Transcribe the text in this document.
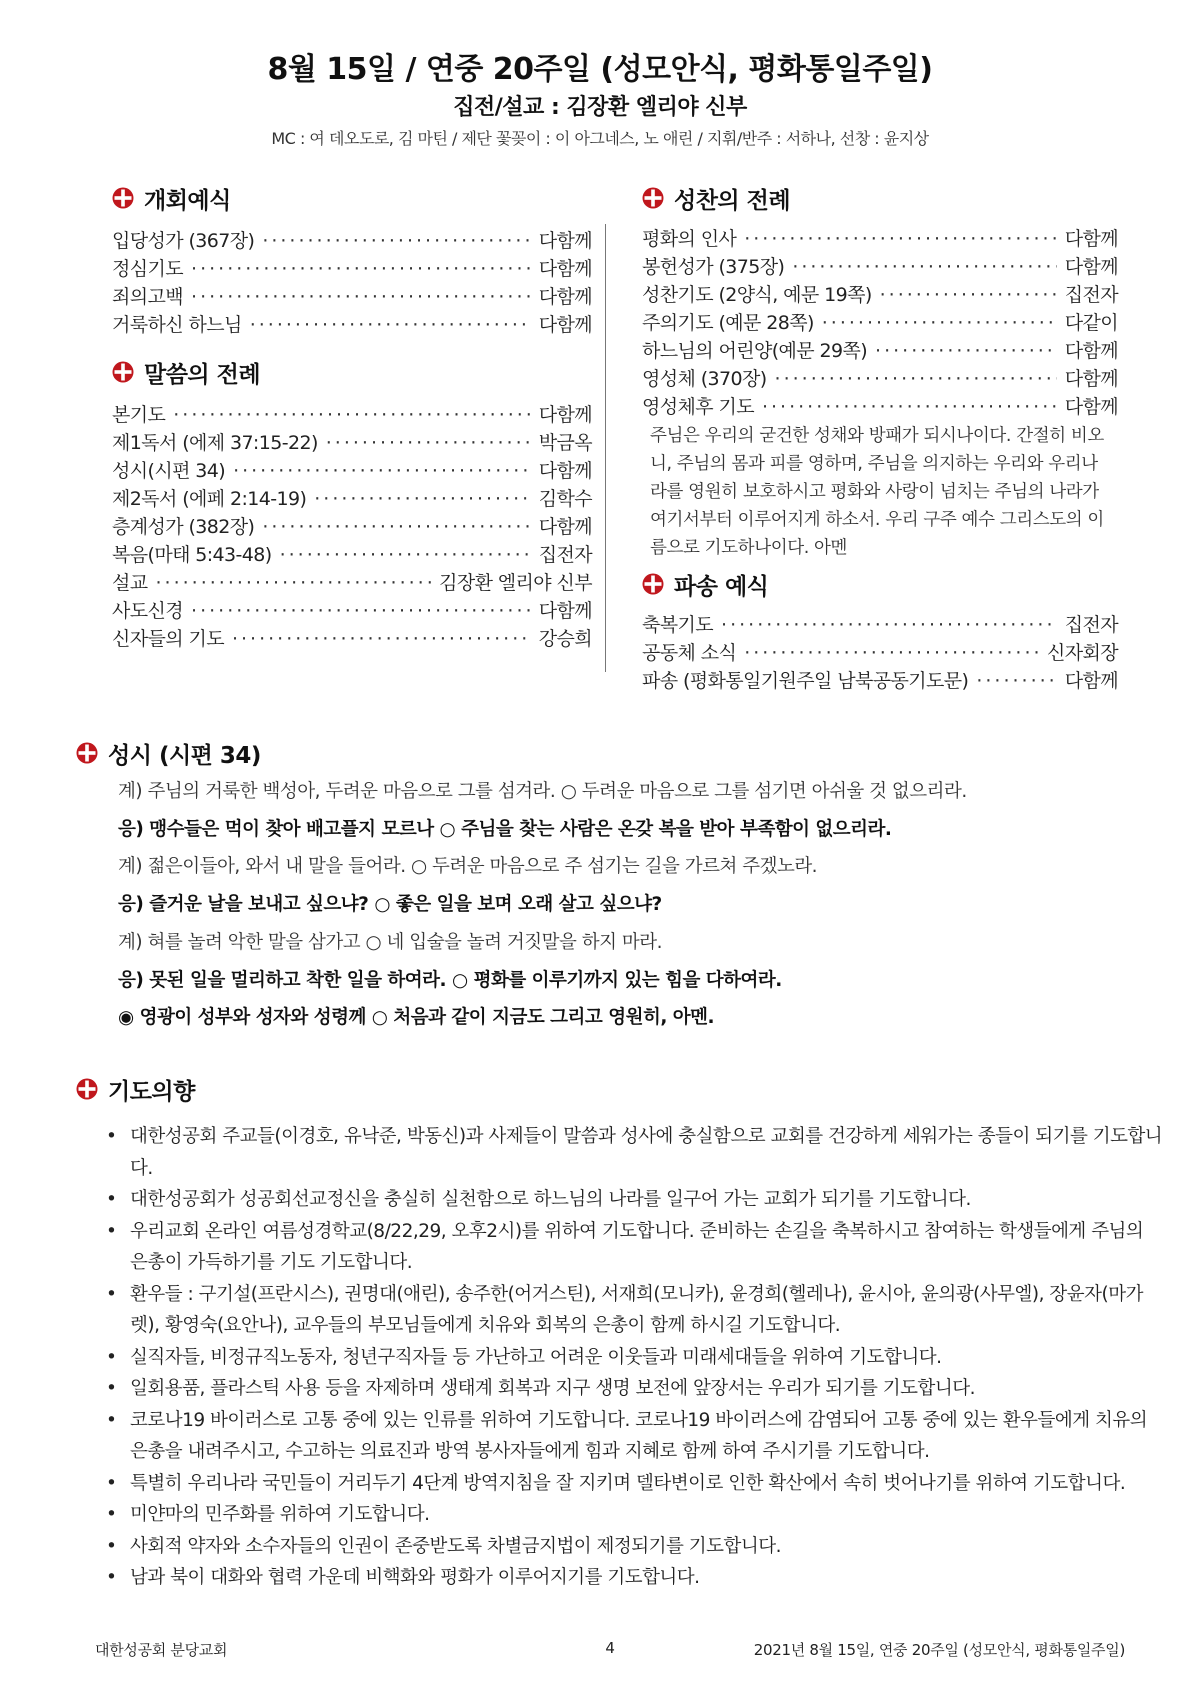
8월 15일 / 연중 20주일 (성모안식, 평화통일주일)
집전/설교 : 김장환 엘리야 신부
MC : 여 데오도로, 김 마틴 / 제단 꽃꽂이 : 이 아그네스, 노 애린 / 지휘/반주 : 서하나, 선창 : 윤지상
개회예식
입당성가 (367장) ·····	다함께
정심기도 ·····	다함께
죄의고백 ·····	다함께
거룩하신 하느님 ·····	다함께
말씀의 전례
본기도 ·····	다함께
제1독서 (에제 37:15-22) ·····	박금옥
성시(시편 34) ·····	다함께
제2독서 (에페 2:14-19) ·····	김학수
층계성가 (382장) ·····	다함께
복음(마태 5:43-48) ·····	집전자
설교 ·····	김장환 엘리야 신부
사도신경 ·····	다함께
신자들의 기도 ·····	강승희
성찬의 전례
평화의 인사 ·····	다함께
봉헌성가 (375장) ·····	다함께
성찬기도 (2양식, 예문 19쪽) ·····	집전자
주의기도 (예문 28쪽) ·····	다같이
하느님의 어린양(예문 29쪽) ·····	다함께
영성체 (370장) ·····	다함께
영성체후 기도 ·····	다함께
주님은 우리의 굳건한 성채와 방패가 되시나이다. 간절히 비오니, 주님의 몸과 피를 영하며, 주님을 의지하는 우리와 우리나라를 영원히 보호하시고 평화와 사랑이 넘치는 주님의 나라가 여기서부터 이루어지게 하소서. 우리 구주 예수 그리스도의 이름으로 기도하나이다. 아멘
파송 예식
축복기도 ·····	집전자
공동체 소식 ·····	신자회장
파송 (평화통일기원주일 남북공동기도문) ·····	다함께
성시 (시편 34)
계) 주님의 거룩한 백성아, 두려운 마음으로 그를 섬겨라. ○ 두려운 마음으로 그를 섬기면 아쉬울 것 없으리라.
응) 맹수들은 먹이 찾아 배고플지 모르나 ○ 주님을 찾는 사람은 온갖 복을 받아 부족함이 없으리라.
계) 젊은이들아, 와서 내 말을 들어라. ○ 두려운 마음으로 주 섬기는 길을 가르쳐 주겠노라.
응) 즐거운 날을 보내고 싶으냐? ○ 좋은 일을 보며 오래 살고 싶으냐?
계) 혀를 놀려 악한 말을 삼가고 ○ 네 입술을 놀려 거짓말을 하지 마라.
응) 못된 일을 멀리하고 착한 일을 하여라. ○ 평화를 이루기까지 있는 힘을 다하여라.
◉ 영광이 성부와 성자와 성령께 ○ 처음과 같이 지금도 그리고 영원히, 아멘.
기도의향
• 대한성공회 주교들(이경호, 유낙준, 박동신)과 사제들이 말씀과 성사에 충실함으로 교회를 건강하게 세워가는 종들이 되기를 기도합니다.
• 대한성공회가 성공회선교정신을 충실히 실천함으로 하느님의 나라를 일구어 가는 교회가 되기를 기도합니다.
• 우리교회 온라인 여름성경학교(8/22,29, 오후2시)를 위하여 기도합니다. 준비하는 손길을 축복하시고 참여하는 학생들에게 주님의 은총이 가득하기를 기도 기도합니다.
• 환우들 : 구기설(프란시스), 권명대(애린), 송주한(어거스틴), 서재희(모니카), 윤경희(헬레나), 윤시아, 윤의광(사무엘), 장윤자(마가렛), 황영숙(요안나), 교우들의 부모님들에게 치유와 회복의 은총이 함께 하시길 기도합니다.
• 실직자들, 비정규직노동자, 청년구직자들 등 가난하고 어려운 이웃들과 미래세대들을 위하여 기도합니다.
• 일회용품, 플라스틱 사용 등을 자제하며 생태계 회복과 지구 생명 보전에 앞장서는 우리가 되기를 기도합니다.
• 코로나19 바이러스로 고통 중에 있는 인류를 위하여 기도합니다. 코로나19 바이러스에 감염되어 고통 중에 있는 환우들에게 치유의 은총을 내려주시고, 수고하는 의료진과 방역 봉사자들에게 힘과 지혜로 함께 하여 주시기를 기도합니다.
• 특별히 우리나라 국민들이 거리두기 4단계 방역지침을 잘 지키며 델타변이로 인한 확산에서 속히 벗어나기를 위하여 기도합니다.
• 미얀마의 민주화를 위하여 기도합니다.
• 사회적 약자와 소수자들의 인권이 존중받도록 차별금지법이 제정되기를 기도합니다.
• 남과 북이 대화와 협력 가운데 비핵화와 평화가 이루어지기를 기도합니다.
대한성공회 분당교회	4	2021년 8월 15일, 연중 20주일 (성모안식, 평화통일주일)
